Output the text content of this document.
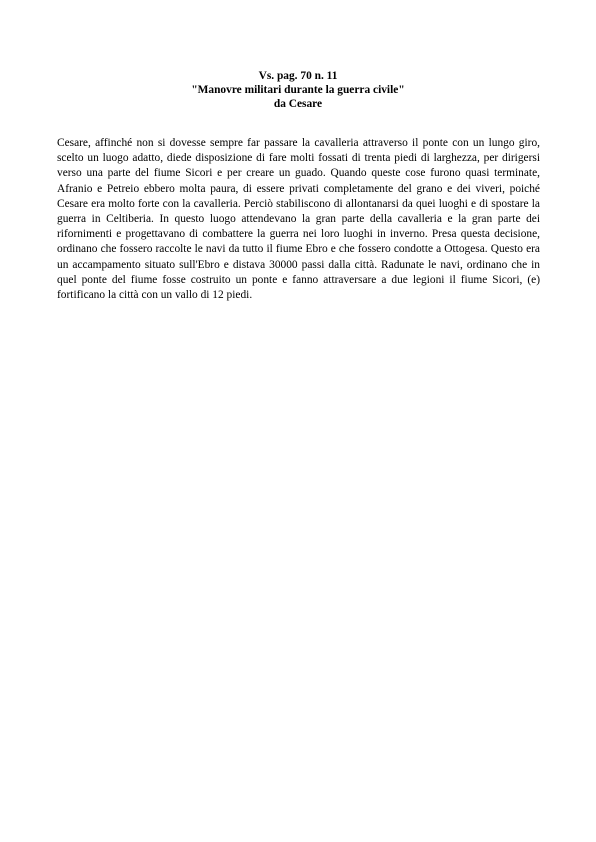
Vs. pag. 70 n. 11
"Manovre militari durante la guerra civile"
da Cesare

Cesare, affinché non si dovesse sempre far passare la cavalleria attraverso il ponte con un lungo giro, scelto un luogo adatto, diede disposizione di fare molti fossati di trenta piedi di larghezza, per dirigersi verso una parte del fiume Sicori e per creare un guado. Quando queste cose furono quasi terminate, Afranio e Petreio ebbero molta paura, di essere privati completamente del grano e dei viveri, poiché Cesare era molto forte con la cavalleria. Perciò stabiliscono di allontanarsi da quei luoghi e di spostare la guerra in Celtiberia. In questo luogo attendevano la gran parte della cavalleria e la gran parte dei rifornimenti e progettavano di combattere la guerra nei loro luoghi in inverno. Presa questa decisione, ordinano che fossero raccolte le navi da tutto il fiume Ebro e che fossero condotte a Ottogesa. Questo era un accampamento situato sull'Ebro e distava 30000 passi dalla città. Radunate le navi, ordinano che in quel ponte del fiume fosse costruito un ponte e fanno attraversare a due legioni il fiume Sicori, (e) fortificano la città con un vallo di 12 piedi.
